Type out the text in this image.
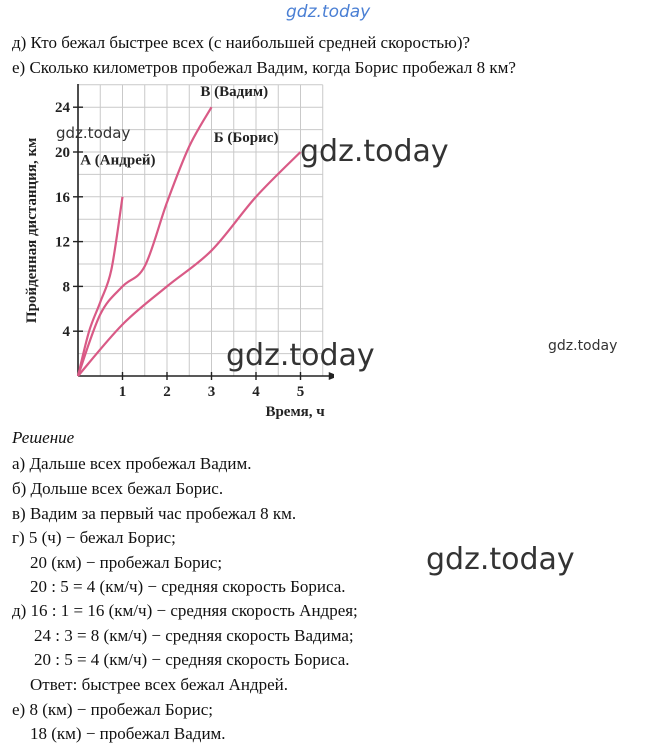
gdz.today
д) Кто бежал быстрее всех (с наибольшей средней скоростью)?
е) Сколько километров пробежал Вадим, когда Борис пробежал 8 км?
1 2 3 4 5
4
8
12
16
20
24
Время, ч
Пройденная дистанция, км	А (Андрей)
В (Вадим)
Б (Борис)
gdz.today
gdz.today
gdz.today	gdz.today
gdz.today
Решение
а) Дальше всех пробежал Вадим.
б) Дольше всех бежал Борис.
в) Вадим за первый час пробежал 8 км.
г) 5 (ч) − бежал Борис;
20 (км) − пробежал Борис;
20 : 5 = 4 (км/ч) − средняя скорость Бориса.
д) 16 : 1 = 16 (км/ч) − средняя скорость Андрея;
24 : 3 = 8 (км/ч) − средняя скорость Вадима;
20 : 5 = 4 (км/ч) − средняя скорость Бориса.
Ответ: быстрее всех бежал Андрей.
е) 8 (км) − пробежал Борис;
18 (км) − пробежал Вадим.
